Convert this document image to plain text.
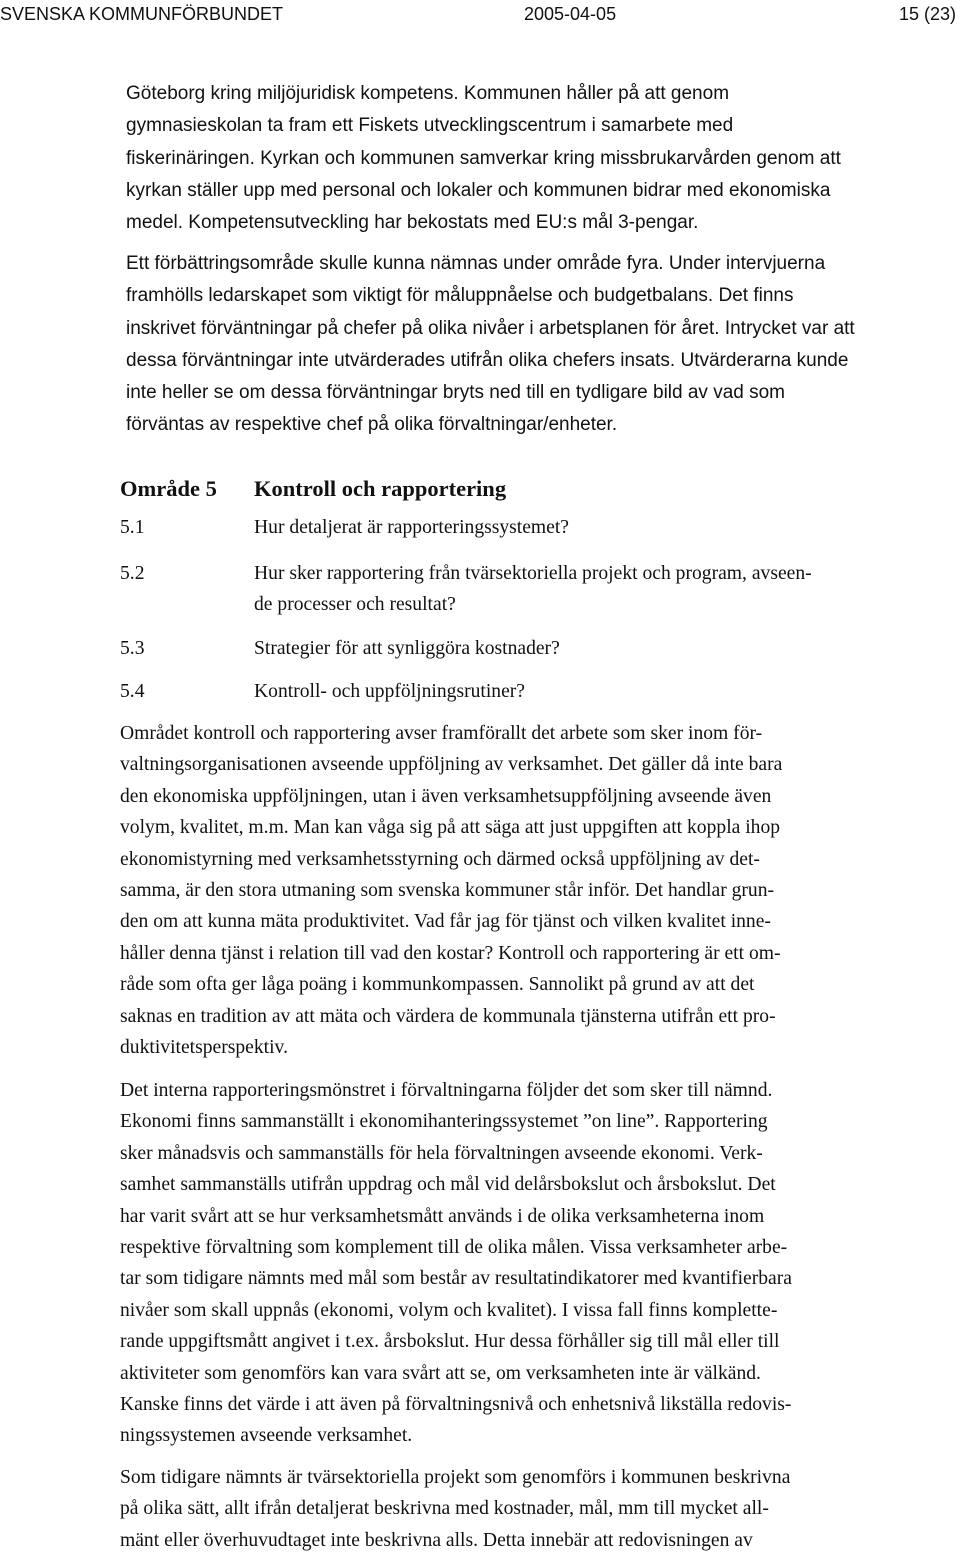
SVENSKA KOMMUNFÖRBUNDET	2005-04-05	15 (23)
Göteborg kring miljöjuridisk kompetens. Kommunen håller på att genom
gymnasieskolan ta fram ett Fiskets utvecklingscentrum i samarbete med
fiskerinäringen. Kyrkan och kommunen samverkar kring missbrukarvården genom att
kyrkan ställer upp med personal och lokaler och kommunen bidrar med ekonomiska
medel. Kompetensutveckling har bekostats med EU:s mål 3-pengar.
Ett förbättringsområde skulle kunna nämnas under område fyra. Under intervjuerna
framhölls ledarskapet som viktigt för måluppnåelse och budgetbalans. Det finns
inskrivet förväntningar på chefer på olika nivåer i arbetsplanen för året. Intrycket var att
dessa förväntningar inte utvärderades utifrån olika chefers insats. Utvärderarna kunde
inte heller se om dessa förväntningar bryts ned till en tydligare bild av vad som
förväntas av respektive chef på olika förvaltningar/enheter.
Område 5 Kontroll och rapportering
5.1	Hur detaljerat är rapporteringssystemet?
5.2	Hur sker rapportering från tvärsektoriella projekt och program, avseen-
de processer och resultat?
5.3	Strategier för att synliggöra kostnader?
5.4	Kontroll- och uppföljningsrutiner?
Området kontroll och rapportering avser framförallt det arbete som sker inom för-
valtningsorganisationen avseende uppföljning av verksamhet. Det gäller då inte bara
den ekonomiska uppföljningen, utan i även verksamhetsuppföljning avseende även
volym, kvalitet, m.m. Man kan våga sig på att säga att just uppgiften att koppla ihop
ekonomistyrning med verksamhetsstyrning och därmed också uppföljning av det-
samma, är den stora utmaning som svenska kommuner står inför. Det handlar grun-
den om att kunna mäta produktivitet. Vad får jag för tjänst och vilken kvalitet inne-
håller denna tjänst i relation till vad den kostar? Kontroll och rapportering är ett om-
råde som ofta ger låga poäng i kommunkompassen. Sannolikt på grund av att det
saknas en tradition av att mäta och värdera de kommunala tjänsterna utifrån ett pro-
duktivitetsperspektiv.
Det interna rapporteringsmönstret i förvaltningarna följder det som sker till nämnd.
Ekonomi finns sammanställt i ekonomihanteringssystemet ”on line”. Rapportering
sker månadsvis och sammanställs för hela förvaltningen avseende ekonomi. Verk-
samhet sammanställs utifrån uppdrag och mål vid delårsbokslut och årsbokslut. Det
har varit svårt att se hur verksamhetsmått används i de olika verksamheterna inom
respektive förvaltning som komplement till de olika målen. Vissa verksamheter arbe-
tar som tidigare nämnts med mål som består av resultatindikatorer med kvantifierbara
nivåer som skall uppnås (ekonomi, volym och kvalitet). I vissa fall finns komplette-
rande uppgiftsmått angivet i t.ex. årsbokslut. Hur dessa förhåller sig till mål eller till
aktiviteter som genomförs kan vara svårt att se, om verksamheten inte är välkänd.
Kanske finns det värde i att även på förvaltningsnivå och enhetsnivå likställa redovis-
ningssystemen avseende verksamhet.
Som tidigare nämnts är tvärsektoriella projekt som genomförs i kommunen beskrivna
på olika sätt, allt ifrån detaljerat beskrivna med kostnader, mål, mm till mycket all-
mänt eller överhuvudtaget inte beskrivna alls. Detta innebär att redovisningen av
